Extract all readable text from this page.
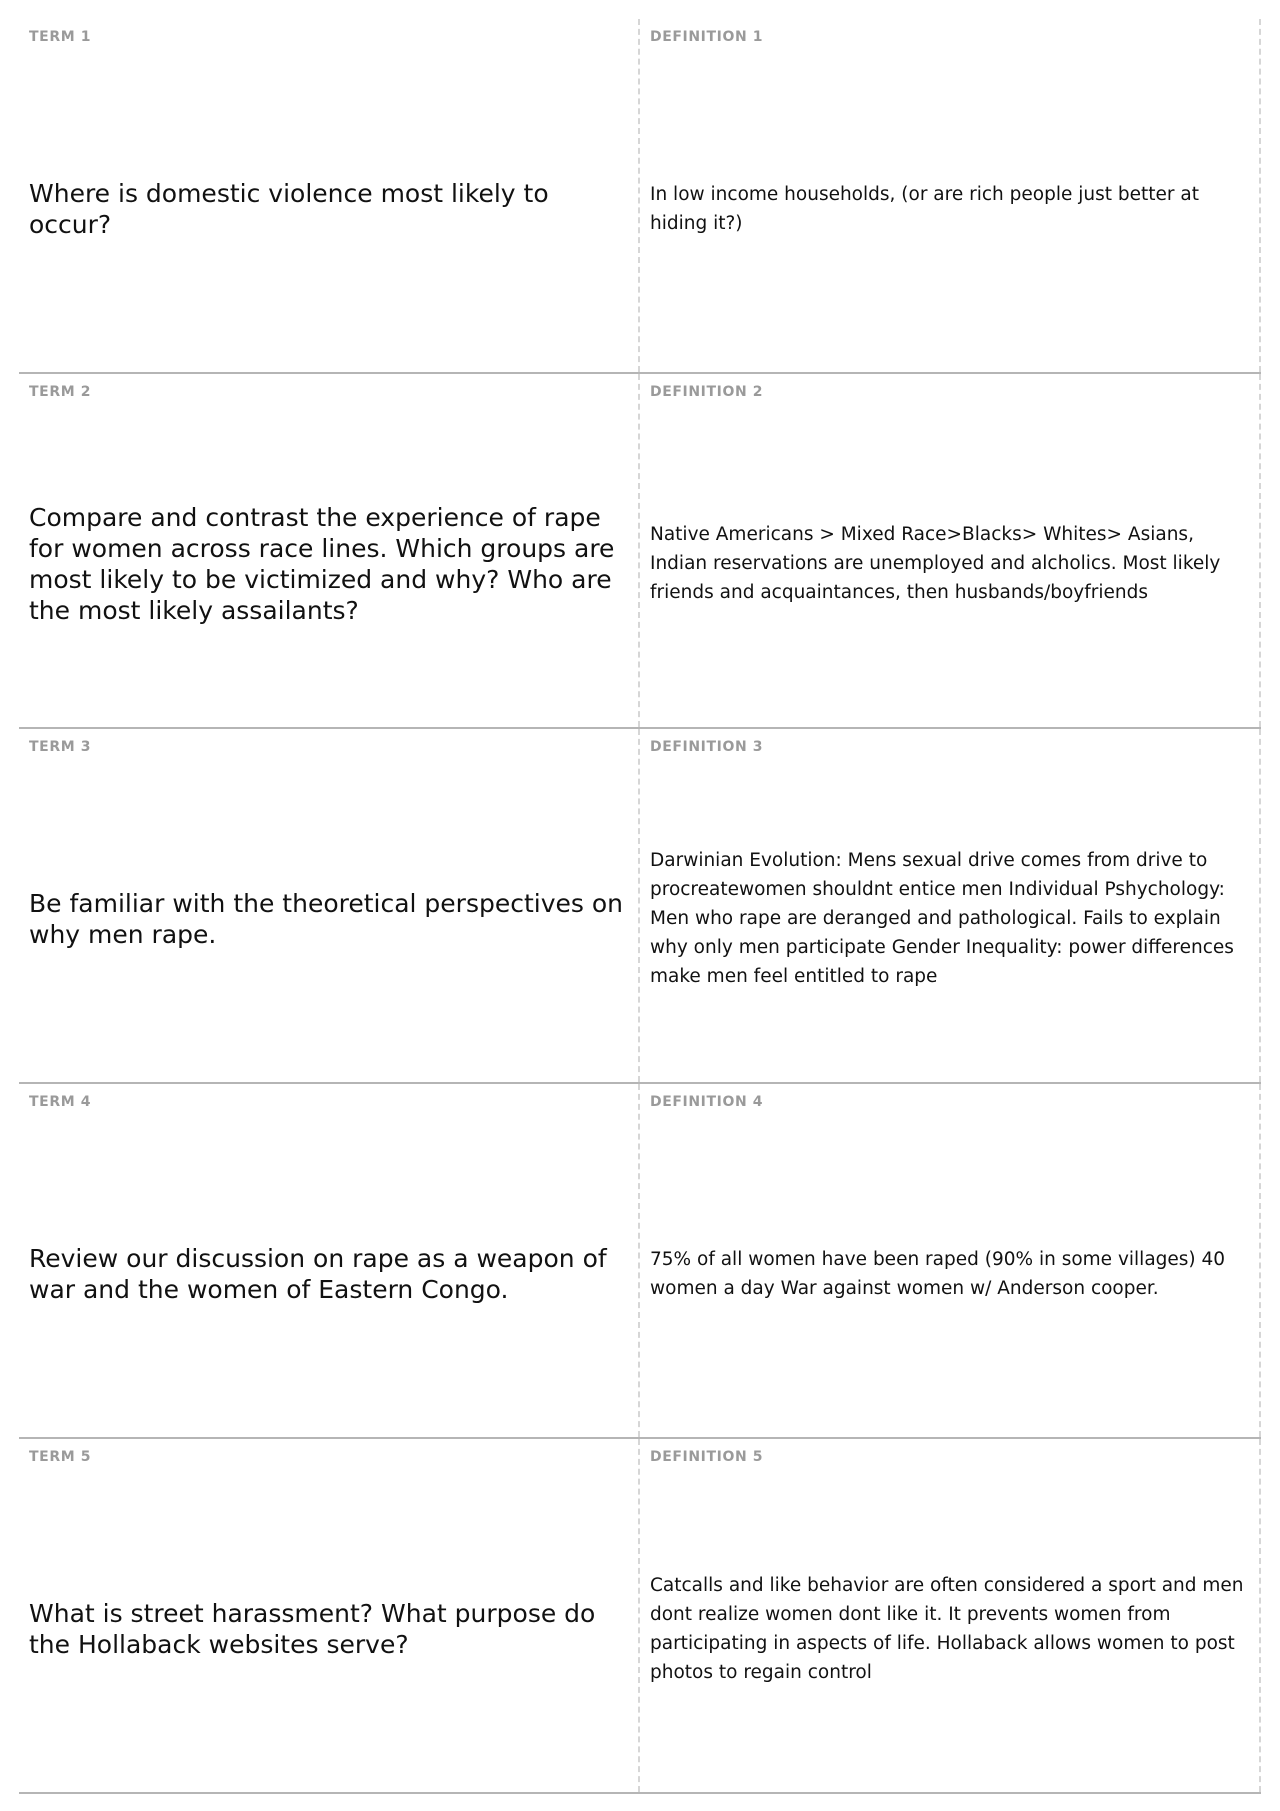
TERM 1
Where is domestic violence most likely to occur?
DEFINITION 1
In low income households, (or are rich people just better at hiding it?)
TERM 2
Compare and contrast the experience of rape for women across race lines. Which groups are most likely to be victimized and why? Who are the most likely assailants?
DEFINITION 2
Native Americans > Mixed Race>Blacks> Whites> Asians, Indian reservations are unemployed and alcholics. Most likely friends and acquaintances, then husbands/boyfriends
TERM 3
Be familiar with the theoretical perspectives on why men rape.
DEFINITION 3
Darwinian Evolution: Mens sexual drive comes from drive to procreatewomen shouldnt entice men Individual Pshychology: Men who rape are deranged and pathological. Fails to explain why only men participate Gender Inequality: power differences make men feel entitled to rape
TERM 4
Review our discussion on rape as a weapon of war and the women of Eastern Congo.
DEFINITION 4
75% of all women have been raped (90% in some villages) 40 women a day War against women w/ Anderson cooper.
TERM 5
What is street harassment? What purpose do the Hollaback websites serve?
DEFINITION 5
Catcalls and like behavior are often considered a sport and men dont realize women dont like it. It prevents women from participating in aspects of life. Hollaback allows women to post photos to regain control
